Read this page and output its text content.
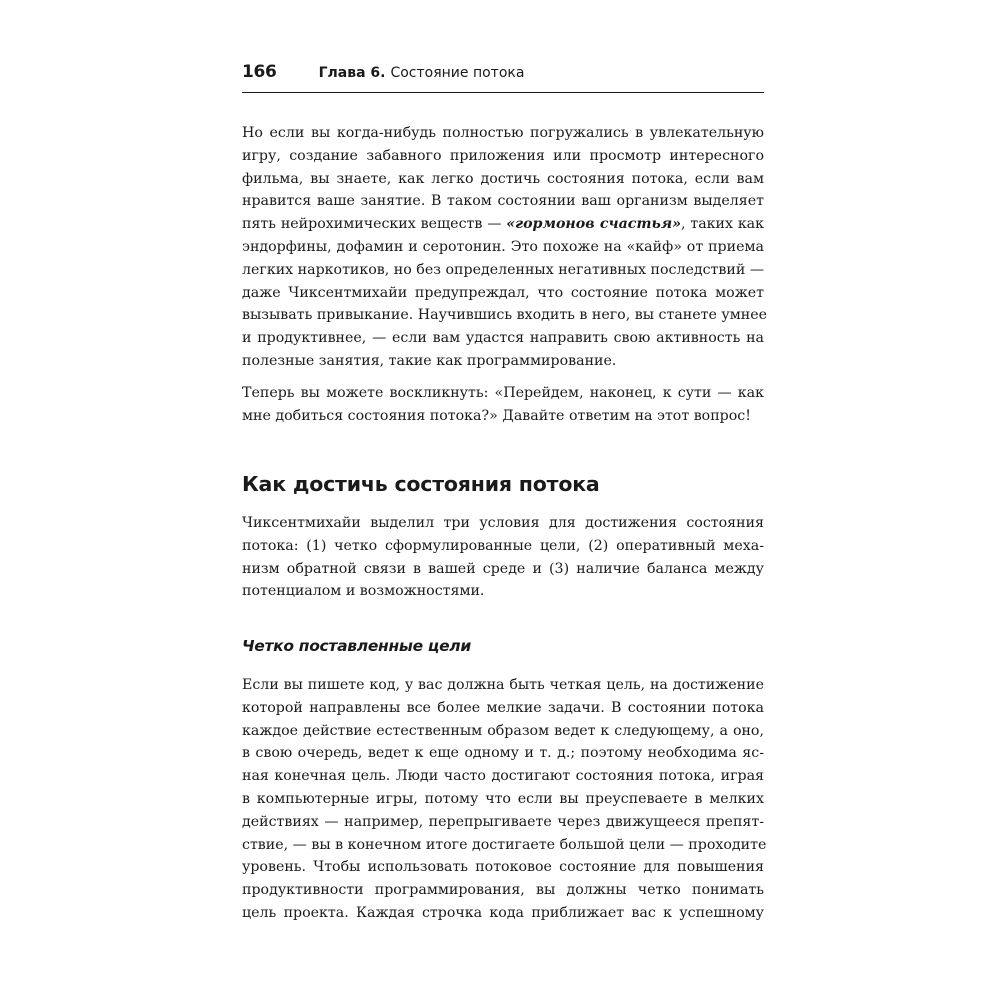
166	Глава 6. Состояние потока

Но если вы когда-нибудь полностью погружались в увлекательную
игру, создание забавного приложения или просмотр интересного
фильма, вы знаете, как легко достичь состояния потока, если вам
нравится ваше занятие. В таком состоянии ваш организм выделяет
пять нейрохимических веществ — «гормонов счастья», таких как
эндорфины, дофамин и серотонин. Это похоже на «кайф» от приема
легких наркотиков, но без определенных негативных последствий —
даже Чиксентмихайи предупреждал, что состояние потока может
вызывать привыкание. Научившись входить в него, вы станете умнее
и продуктивнее, — если вам удастся направить свою активность на
полезные занятия, такие как программирование.

Теперь вы можете воскликнуть: «Перейдем, наконец, к сути — как
мне добиться состояния потока?» Давайте ответим на этот вопрос!

Как достичь состояния потока

Чиксентмихайи выделил три условия для достижения состояния
потока: (1) четко сформулированные цели, (2) оперативный меха-
низм обратной связи в вашей среде и (3) наличие баланса между
потенциалом и возможностями.

Четко поставленные цели

Если вы пишете код, у вас должна быть четкая цель, на достижение
которой направлены все более мелкие задачи. В состоянии потока
каждое действие естественным образом ведет к следующему, а оно,
в свою очередь, ведет к еще одному и т. д.; поэтому необходима яс-
ная конечная цель. Люди часто достигают состояния потока, играя
в компьютерные игры, потому что если вы преуспеваете в мелких
действиях — например, перепрыгиваете через движущееся препят-
ствие, — вы в конечном итоге достигаете большой цели — проходите
уровень. Чтобы использовать потоковое состояние для повышения
продуктивности программирования, вы должны четко понимать
цель проекта. Каждая строчка кода приближает вас к успешному
